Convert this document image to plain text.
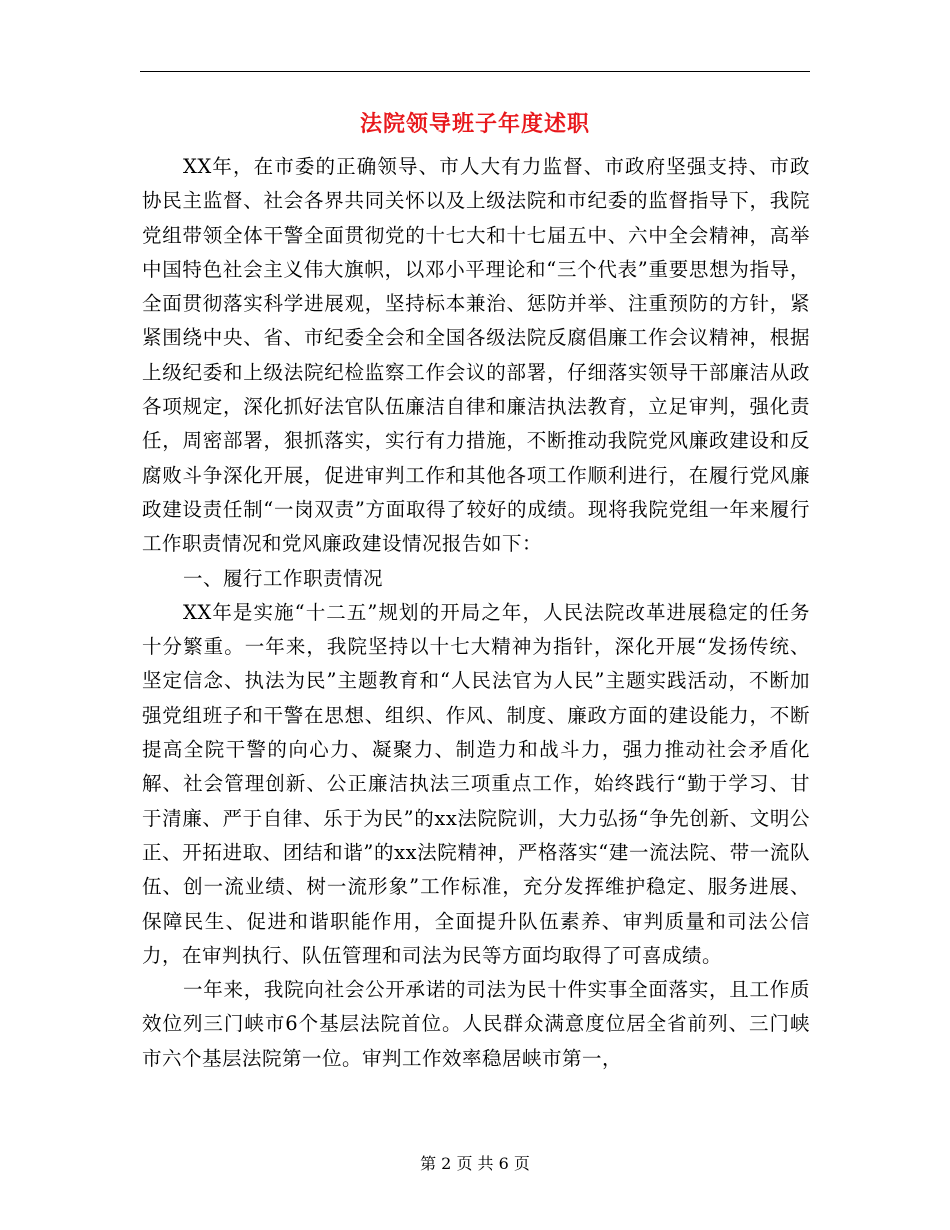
法院领导班子年度述职

XX年，在市委的正确领导、市人大有力监督、市政府坚强支持、市政协民主监督、社会各界共同关怀以及上级法院和市纪委的监督指导下，我院党组带领全体干警全面贯彻党的十七大和十七届五中、六中全会精神，高举中国特色社会主义伟大旗帜，以邓小平理论和“三个代表”重要思想为指导，全面贯彻落实科学进展观，坚持标本兼治、惩防并举、注重预防的方针，紧紧围绕中央、省、市纪委全会和全国各级法院反腐倡廉工作会议精神，根据上级纪委和上级法院纪检监察工作会议的部署，仔细落实领导干部廉洁从政各项规定，深化抓好法官队伍廉洁自律和廉洁执法教育，立足审判，强化责任，周密部署，狠抓落实，实行有力措施，不断推动我院党风廉政建设和反腐败斗争深化开展，促进审判工作和其他各项工作顺利进行，在履行党风廉政建设责任制“一岗双责”方面取得了较好的成绩。现将我院党组一年来履行工作职责情况和党风廉政建设情况报告如下：

一、履行工作职责情况

XX年是实施“十二五”规划的开局之年，人民法院改革进展稳定的任务十分繁重。一年来，我院坚持以十七大精神为指针，深化开展“发扬传统、坚定信念、执法为民”主题教育和“人民法官为人民”主题实践活动，不断加强党组班子和干警在思想、组织、作风、制度、廉政方面的建设能力，不断提高全院干警的向心力、凝聚力、制造力和战斗力，强力推动社会矛盾化解、社会管理创新、公正廉洁执法三项重点工作，始终践行“勤于学习、甘于清廉、严于自律、乐于为民”的xx法院院训，大力弘扬“争先创新、文明公正、开拓进取、团结和谐”的xx法院精神，严格落实“建一流法院、带一流队伍、创一流业绩、树一流形象”工作标准，充分发挥维护稳定、服务进展、保障民生、促进和谐职能作用，全面提升队伍素养、审判质量和司法公信力，在审判执行、队伍管理和司法为民等方面均取得了可喜成绩。

一年来，我院向社会公开承诺的司法为民十件实事全面落实，且工作质效位列三门峡市6个基层法院首位。人民群众满意度位居全省前列、三门峡市六个基层法院第一位。审判工作效率稳居峡市第一，

第 2 页 共 6 页
